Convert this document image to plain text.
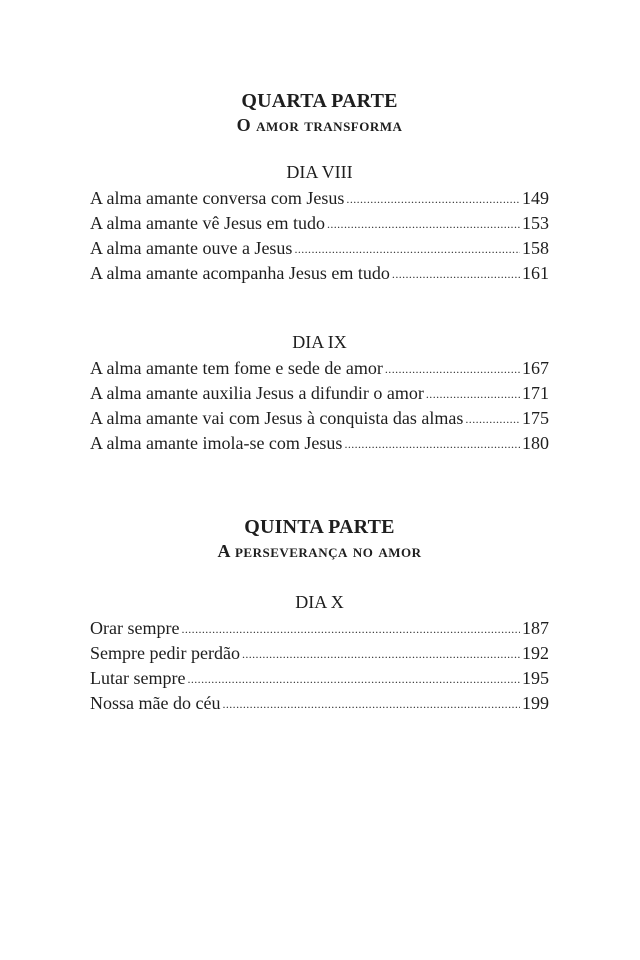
QUARTA PARTE
O amor transforma
DIA VIII
A alma amante conversa com Jesus .....	149
A alma amante vê Jesus em tudo .....	153
A alma amante ouve a Jesus .....	158
A alma amante acompanha Jesus em tudo .....	161
DIA IX
A alma amante tem fome e sede de amor .....	167
A alma amante auxilia Jesus a difundir o amor .....	171
A alma amante vai com Jesus à conquista das almas .....	175
A alma amante imola-se com Jesus .....	180
QUINTA PARTE
A perseverança no amor
DIA X
Orar sempre .....	187
Sempre pedir perdão .....	192
Lutar sempre .....	195
Nossa mãe do céu .....	199
